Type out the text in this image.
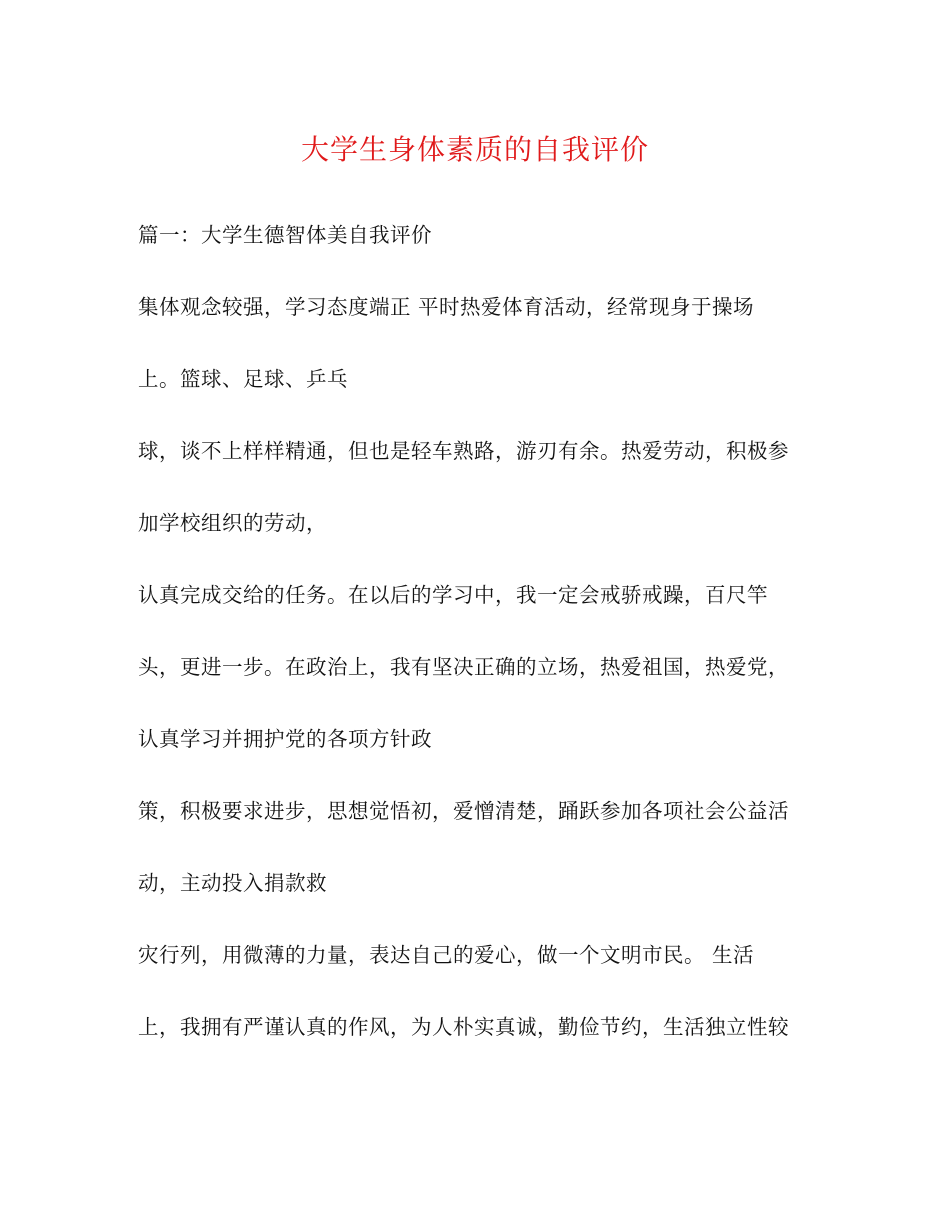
大学生身体素质的自我评价

篇一：大学生德智体美自我评价

集体观念较强，学习态度端正 平时热爱体育活动，经常现身于操场

上。篮球、足球、乒乓

球，谈不上样样精通，但也是轻车熟路，游刃有余。热爱劳动，积极参

加学校组织的劳动，

认真完成交给的任务。在以后的学习中，我一定会戒骄戒躁，百尺竿

头，更进一步。在政治上，我有坚决正确的立场，热爱祖国，热爱党，

认真学习并拥护党的各项方针政

策，积极要求进步，思想觉悟初，爱憎清楚，踊跃参加各项社会公益活

动，主动投入捐款救

灾行列，用微薄的力量，表达自己的爱心，做一个文明市民。 生活

上，我拥有严谨认真的作风，为人朴实真诚，勤俭节约，生活独立性较
